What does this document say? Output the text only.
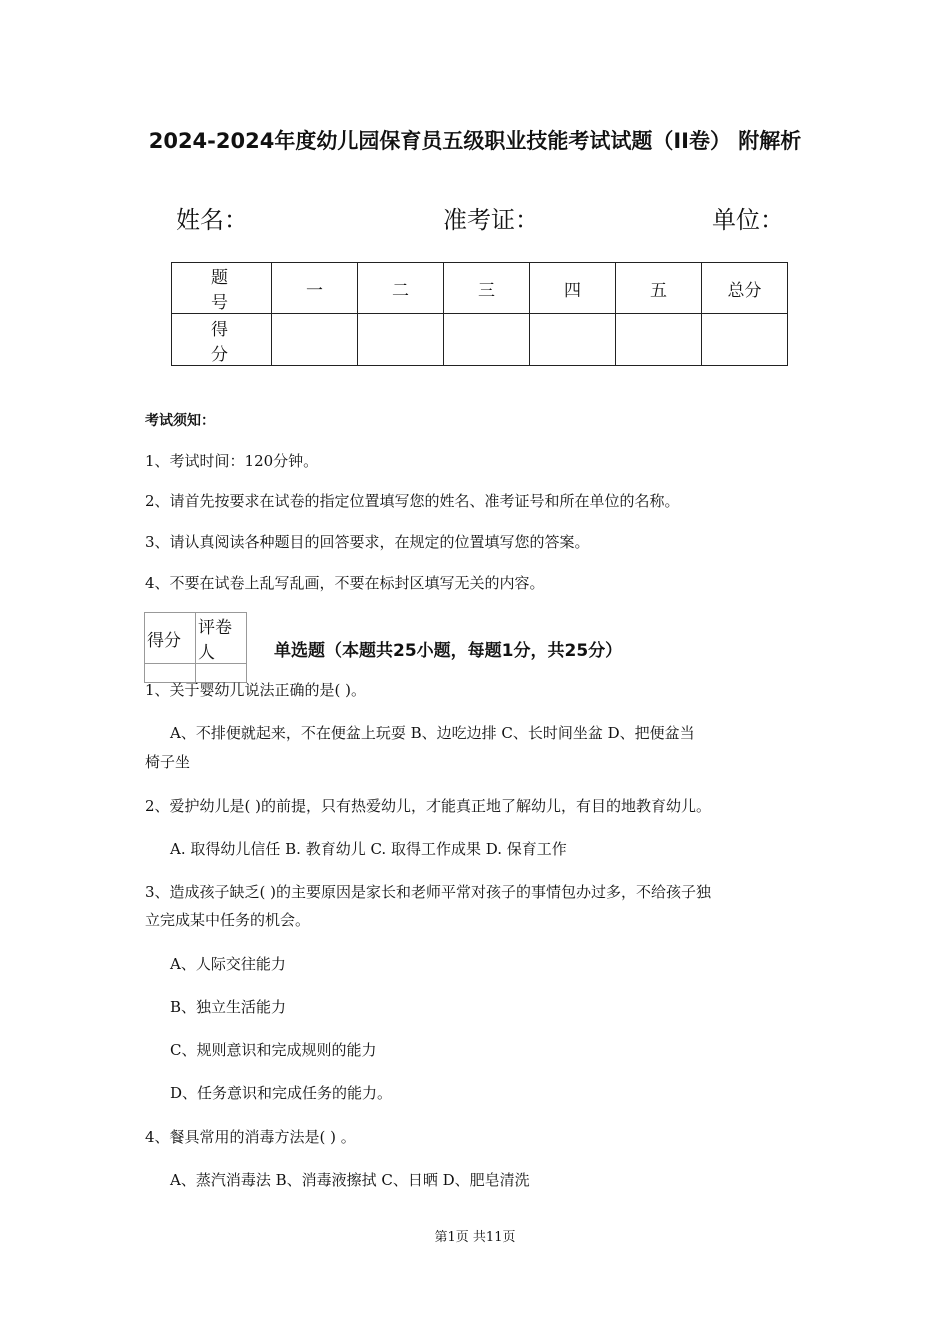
2024-2024年度幼儿园保育员五级职业技能考试试题（II卷） 附解析
姓名：	准考证：	单位：
题 号	一	二	三	四	五	总分
得 分						
考试须知：
1、考试时间：120分钟。
2、请首先按要求在试卷的指定位置填写您的姓名、准考证号和所在单位的名称。
3、请认真阅读各种题目的回答要求，在规定的位置填写您的答案。
4、不要在试卷上乱写乱画，不要在标封区填写无关的内容。
得分	评卷人
		单选题（本题共25小题，每题1分，共25分）
1、关于婴幼儿说法正确的是( )。
A、不排便就起来，不在便盆上玩耍 B、边吃边排 C、长时间坐盆 D、把便盆当
椅子坐
2、爱护幼儿是( )的前提，只有热爱幼儿，才能真正地了解幼儿，有目的地教育幼儿。
A. 取得幼儿信任 B. 教育幼儿 C. 取得工作成果 D. 保育工作
3、造成孩子缺乏( )的主要原因是家长和老师平常对孩子的事情包办过多，不给孩子独
立完成某中任务的机会。
A、人际交往能力
B、独立生活能力
C、规则意识和完成规则的能力
D、任务意识和完成任务的能力。
4、餐具常用的消毒方法是( ) 。
A、蒸汽消毒法 B、消毒液擦拭 C、日晒 D、肥皂清洗
第1页 共11页
